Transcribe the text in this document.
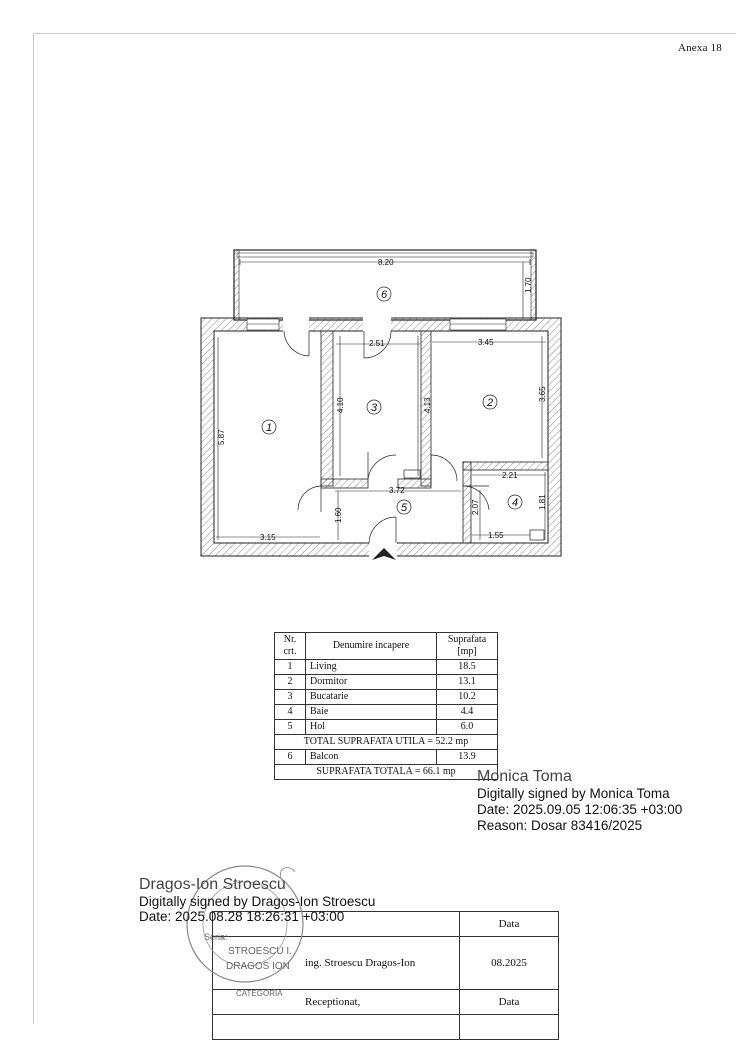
Anexa 18
8.20
1.70
2.51	3.45
5.87
4.10	4.13
3.65
3.72
2.21
1.81
2.07
3.15
1.60
1.55
1
2
3
4
5
6
Nr. crt.	Denumire incapere	Suprafata [mp]
1	Living	18.5
2	Dormitor	13.1
3	Bucatarie	10.2
4	Baie	4.4
5	Hol	6.0
TOTAL SUPRAFATA UTILA = 52.2 mp		
6	Balcon	13.9
SUPRAFATA TOTALA = 66.1 mp		Monica Toma
Digitally signed by Monica Toma
Date: 2025.09.05 12:06:35 +03:00
Reason: Dosar 83416/2025
	Data
ing. Stroescu Dragos-Ion	08.2025
Receptionat,	Data

Seria:
STROESCU I.
DRAGOS ION
CATEGORIA
Dragos-Ion Stroescu
Digitally signed by Dragos-Ion Stroescu
Date: 2025.08.28 18:26:31 +03:00
